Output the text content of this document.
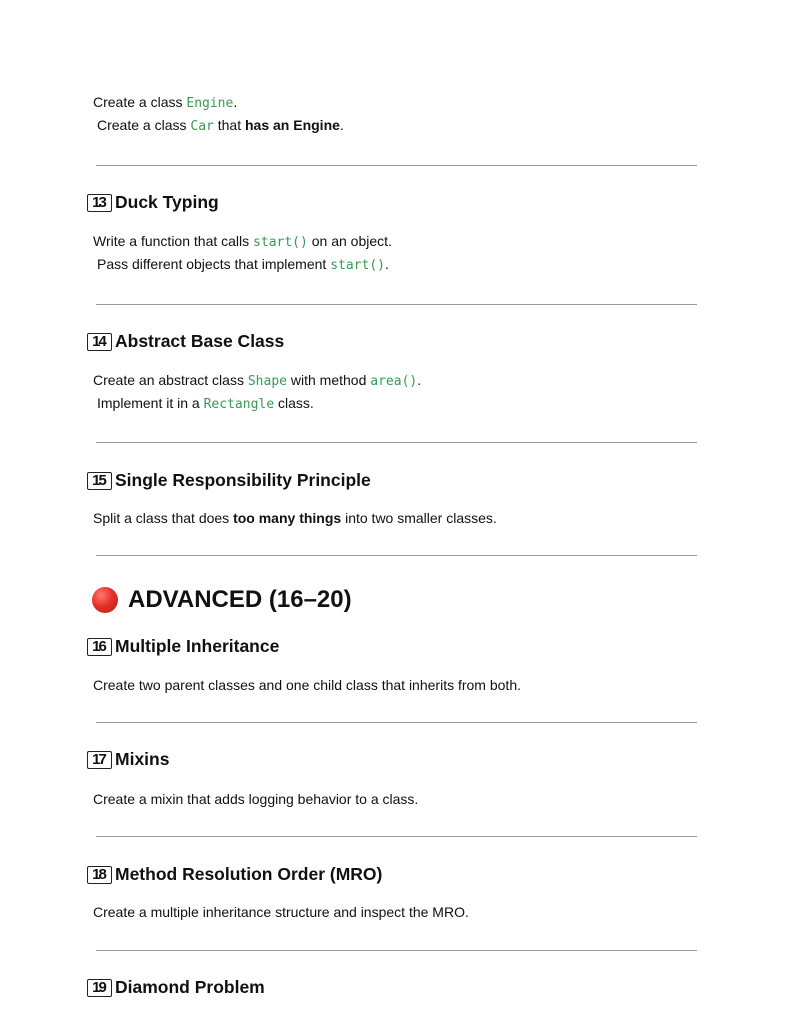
Create a class Engine.
Create a class Car that has an Engine.
13 Duck Typing
Write a function that calls start() on an object.
Pass different objects that implement start().
14 Abstract Base Class
Create an abstract class Shape with method area().
Implement it in a Rectangle class.
15 Single Responsibility Principle
Split a class that does too many things into two smaller classes.
ADVANCED (16–20)
16 Multiple Inheritance
Create two parent classes and one child class that inherits from both.
17 Mixins
Create a mixin that adds logging behavior to a class.
18 Method Resolution Order (MRO)
Create a multiple inheritance structure and inspect the MRO.
19 Diamond Problem
